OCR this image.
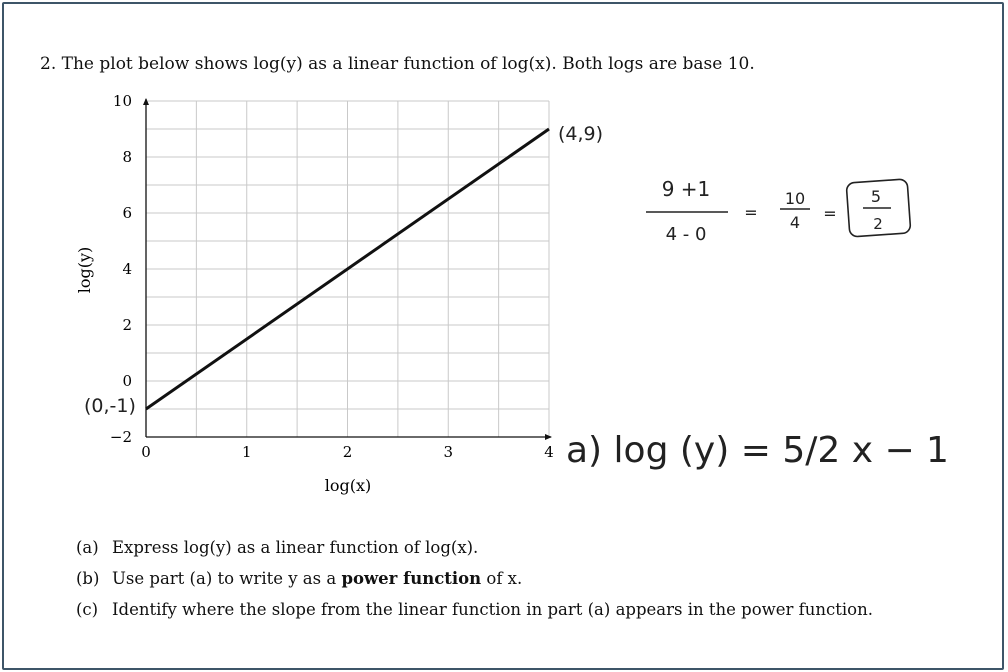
2. The plot below shows log(y) as a linear function of log(x). Both logs are base 10.
0	1	2	3	4
−2
0
2
4
6
8
10
log(x)
log(y)
(4,9)
(0,-1)
9 +1
4 - 0
=
10
4 =
5
2
a) log (y) = 5/2 x − 1
(a) Express log(y) as a linear function of log(x).
(b) Use part (a) to write y as a power function of x.
(c) Identify where the slope from the linear function in part (a) appears in the power function.
